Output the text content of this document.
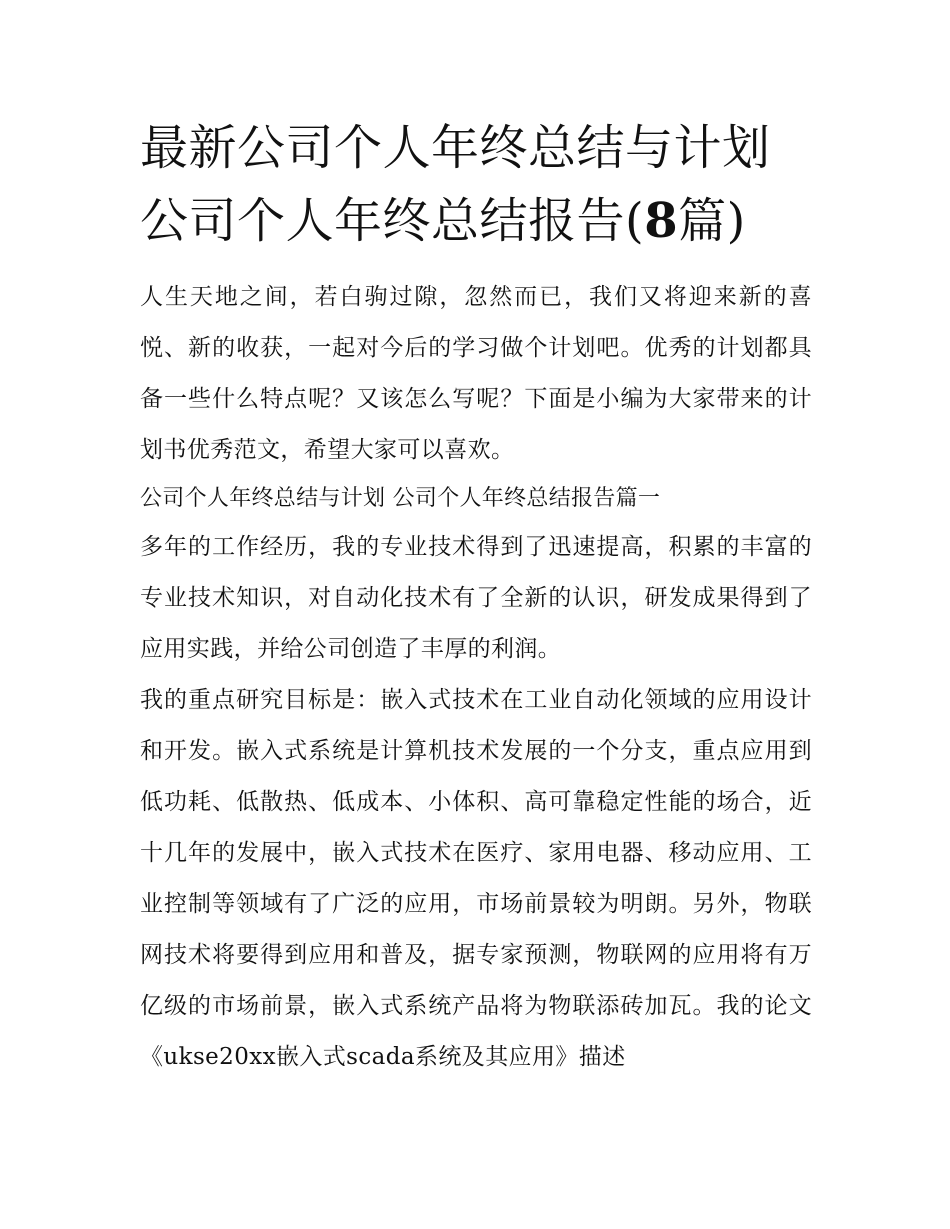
最新公司个人年终总结与计划公司个人年终总结报告(8篇)

人生天地之间，若白驹过隙，忽然而已，我们又将迎来新的喜悦、新的收获，一起对今后的学习做个计划吧。优秀的计划都具备一些什么特点呢？又该怎么写呢？下面是小编为大家带来的计划书优秀范文，希望大家可以喜欢。

公司个人年终总结与计划 公司个人年终总结报告篇一

多年的工作经历，我的专业技术得到了迅速提高，积累的丰富的专业技术知识，对自动化技术有了全新的认识，研发成果得到了应用实践，并给公司创造了丰厚的利润。

我的重点研究目标是：嵌入式技术在工业自动化领域的应用设计和开发。嵌入式系统是计算机技术发展的一个分支，重点应用到低功耗、低散热、低成本、小体积、高可靠稳定性能的场合，近十几年的发展中，嵌入式技术在医疗、家用电器、移动应用、工业控制等领域有了广泛的应用，市场前景较为明朗。另外，物联网技术将要得到应用和普及，据专家预测，物联网的应用将有万亿级的市场前景，嵌入式系统产品将为物联添砖加瓦。我的论文《ukse20xx嵌入式scada系统及其应用》描述
